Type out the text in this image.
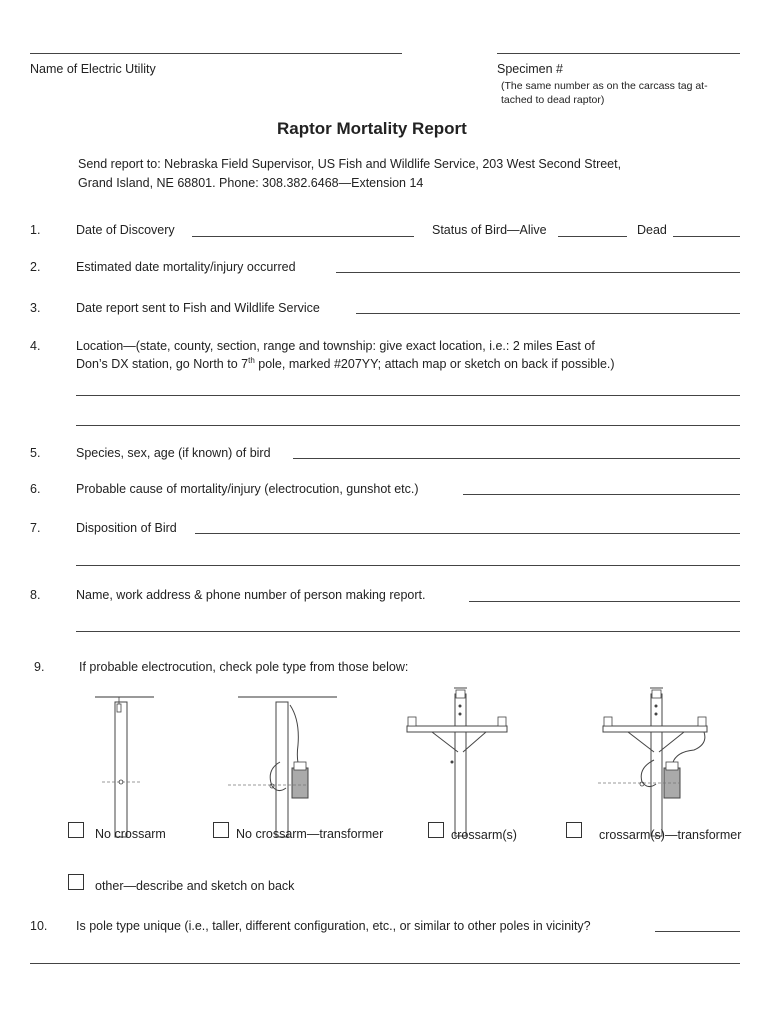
Name of Electric Utility	Specimen #
(The same number as on the carcass tag at-
tached to dead raptor)
Raptor Mortality Report
Send report to: Nebraska Field Supervisor, US Fish and Wildlife Service, 203 West Second Street,
Grand Island, NE 68801. Phone: 308.382.6468—Extension 14
1.	Date of Discovery	Status of Bird—Alive	Dead
2.	Estimated date mortality/injury occurred
3.	Date report sent to Fish and Wildlife Service
4.	Location—(state, county, section, range and township: give exact location, i.e.: 2 miles East of
Don’s DX station, go North to 7th pole, marked #207YY; attach map or sketch on back if possible.)
5.	Species, sex, age (if known) of bird
6.	Probable cause of mortality/injury (electrocution, gunshot etc.)
7.	Disposition of Bird
8.	Name, work address & phone number of person making report.
9.	If probable electrocution, check pole type from those below:
No crossarm	No crossarm—transformer	crossarm(s)	crossarm(s)—transformer
other—describe and sketch on back
10. Is pole type unique (i.e., taller, different configuration, etc., or similar to other poles in vicinity?
